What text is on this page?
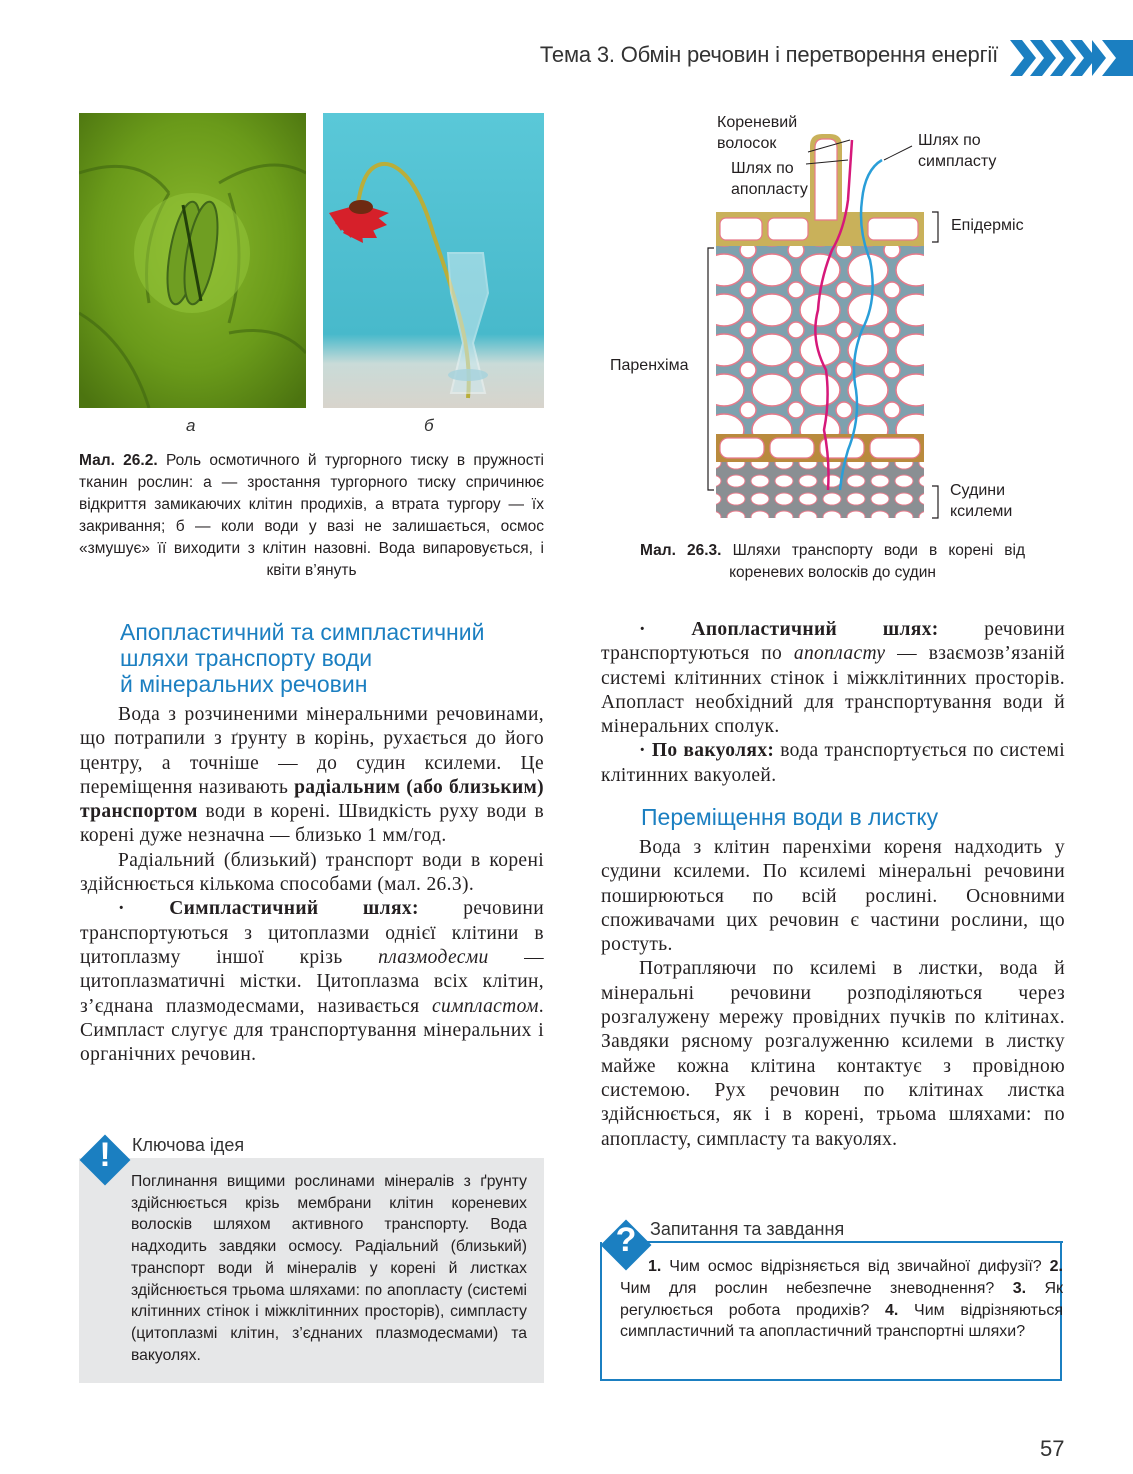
Тема 3. Обмін речовин і перетворення енергії
а	б
Мал. 26.2. Роль осмотичного й тургорного тиску в пружності тканин рослин: а — зростання тургорного тиску спричинює відкриття замикаючих клітин продихів, а втрата тургору — їх закривання; б — коли води у вазі не залишається, осмос «змушує» її виходити з клітин назовні. Вода випаровується, і квіти в’януть
Кореневий
волосок	Шлях по
симпласту
Шлях по
апопласту
Епідерміс
Паренхіма
Судини
ксилеми
Мал. 26.3. Шляхи транспорту води в корені від кореневих волосків до судин
Апопластичний та симпластичний
шляхи транспорту води
й мінеральних речовин

Вода з розчиненими мінеральними речовинами, що потрапили з ґрунту в корінь, рухається до його центру, а точніше — до судин ксилеми. Це переміщення називають радіальним (або близьким) транспортом води в корені. Швидкість руху води в корені дуже незначна — близько 1 мм/год.

Радіальний (близький) транспорт води в корені здійснюється кількома способами (мал. 26.3).

· Симпластичний шлях: речовини транспортуються з цитоплазми однієї клітини в цитоплазму іншої крізь плазмодесми — цитоплазматичні містки. Цитоплазма всіх клітин, з’єднана плазмодесмами, називається симпластом. Симпласт слугує для транспортування мінеральних і органічних речовин.

· Апопластичний шлях: речовини транспортуються по апопласту — взаємозв’язаній системі клітинних стінок і міжклітинних просторів. Апопласт необхідний для транспортування води й мінеральних сполук.

· По вакуолях: вода транспортується по системі клітинних вакуолей.

Переміщення води в листку

Вода з клітин паренхіми кореня надходить у судини ксилеми. По ксилемі мінеральні речовини поширюються по всій рослині. Основними споживачами цих речовин є частини рослини, що ростуть.

Потрапляючи по ксилемі в листки, вода й мінеральні речовини розподіляються через розгалужену мережу провідних пучків по клітинах. Завдяки рясному розгалуженню ксилеми в листку майже кожна клітина контактує з провідною системою. Рух речовин по клітинах листка здійснюється, як і в корені, трьома шляхами: по апопласту, симпласту та вакуолях.

!	Ключова ідея
Поглинання вищими рослинами мінералів з ґрунту здійснюється крізь мембрани клітин кореневих волосків шляхом активного транспорту. Вода надходить завдяки осмосу. Радіальний (близький) транспорт води й мінералів у корені й листках здійснюється трьома шляхами: по апопласту (системі клітинних стінок і міжклітинних просторів), симпласту (цитоплазмі клітин, з’єднаних плазмодесмами) та вакуолях.
? Запитання та завдання
1. Чим осмос відрізняється від звичайної дифузії? 2. Чим для рослин небезпечне зневоднення? 3. Як регулюється робота продихів? 4. Чим відрізняються симпластичний та апопластичний транспортні шляхи?
57
